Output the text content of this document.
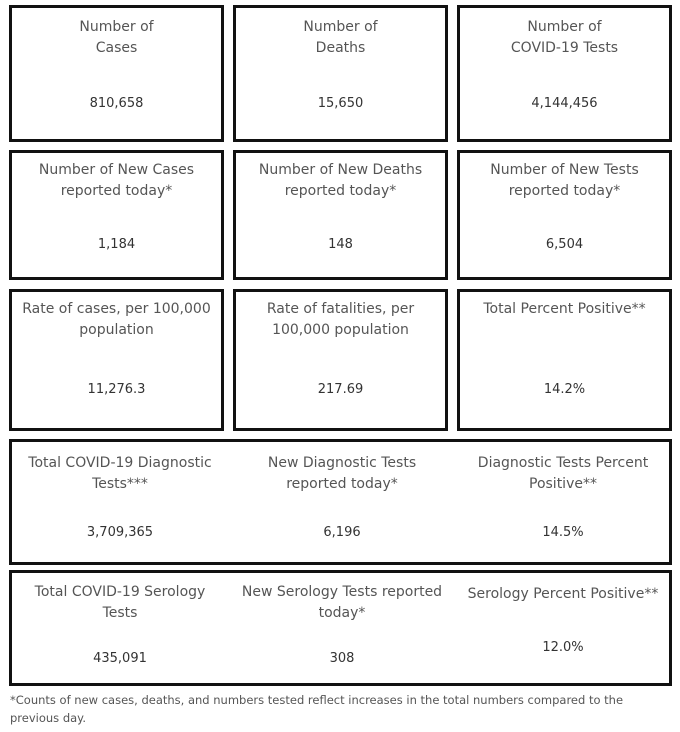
Number of
Cases
810,658
Number of
Deaths
15,650
Number of
COVID-19 Tests
4,144,456
Number of New Cases
reported today*
1,184
Number of New Deaths
reported today*
148
Number of New Tests
reported today*
6,504
Rate of cases, per 100,000
population
11,276.3
Rate of fatalities, per
100,000 population
217.69
Total Percent Positive**
14.2%
Total COVID-19 Diagnostic
Tests***
3,709,365
New Diagnostic Tests
reported today*
6,196
Diagnostic Tests Percent
Positive**
14.5%
Total COVID-19 Serology
Tests
435,091
New Serology Tests reported
today*
308
Serology Percent Positive**
12.0%
*Counts of new cases, deaths, and numbers tested reflect increases in the total numbers compared to the previous day.
